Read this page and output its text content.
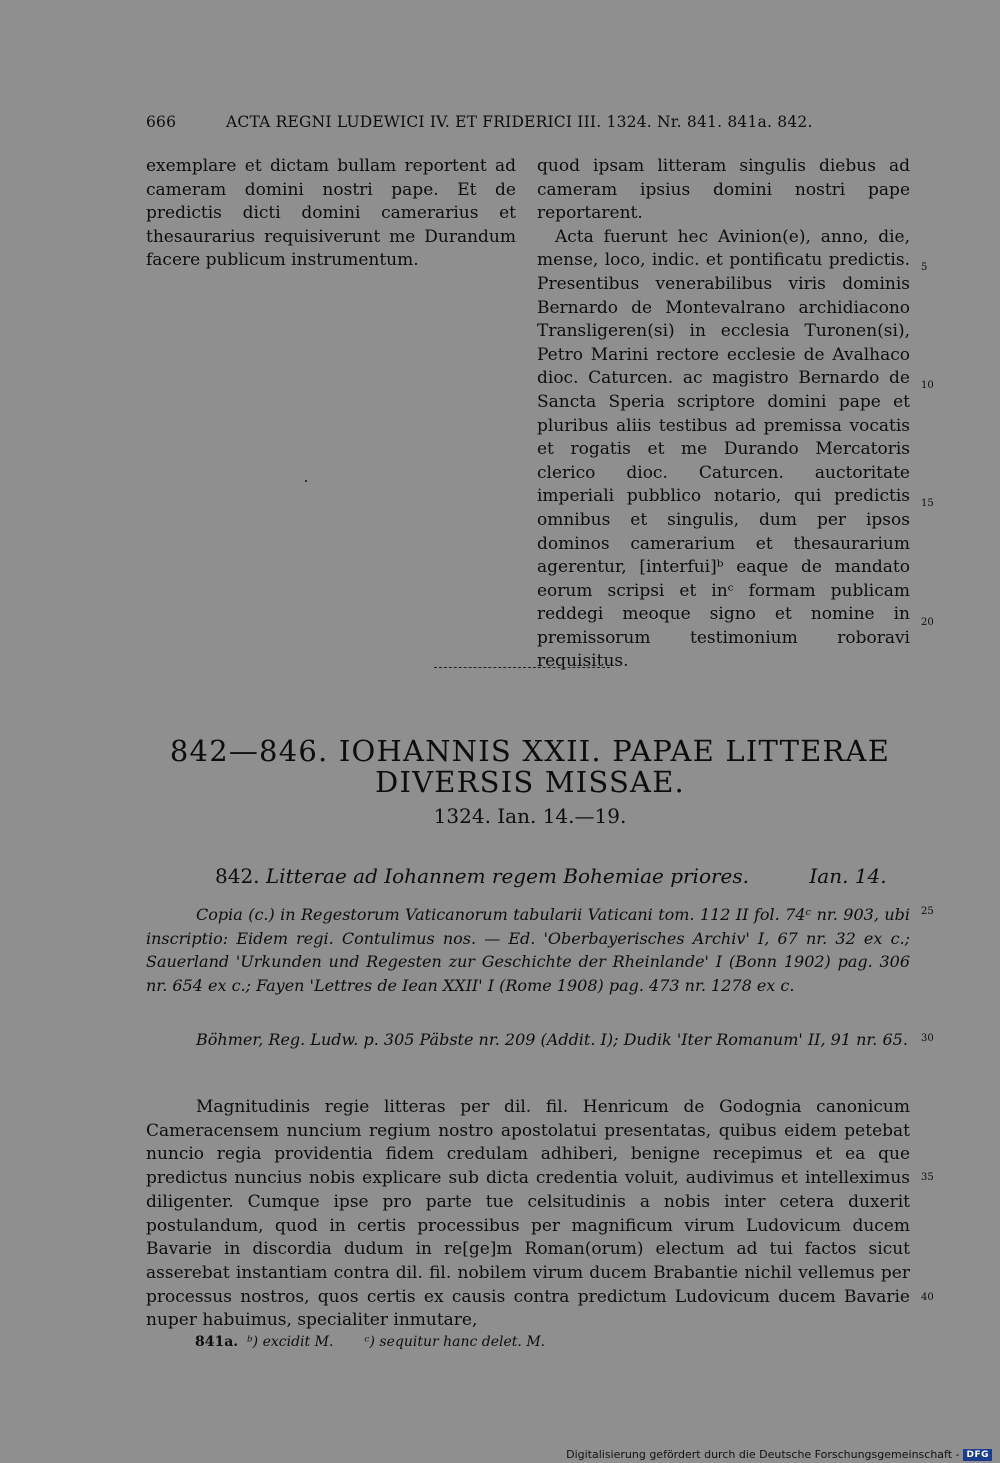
666	ACTA REGNI LUDEWICI IV. ET FRIDERICI III. 1324. Nr. 841. 841a. 842.

exemplare et dictam bullam reportent ad cameram domini nostri pape. Et de predictis dicti domini camerarius et thesaurarius requisiverunt me Durandum facere publicum instrumentum.

quod ipsam litteram singulis diebus ad cameram ipsius domini nostri pape reportarent.

Acta fuerunt hec Avinion(e), anno, die, mense, loco, indic. et pontificatu predictis. Presentibus venerabilibus viris dominis Bernardo de Montevalrano archidiacono Transligeren(si) in ecclesia Turonen(si), Petro Marini rectore ecclesie de Avalhaco dioc. Caturcen. ac magistro Bernardo de Sancta Speria scriptore domini pape et pluribus aliis testibus ad premissa vocatis et rogatis et me Durando Mercatoris clerico dioc. Caturcen. auctoritate imperiali pubblico notario, qui predictis omnibus et singulis, dum per ipsos dominos camerarium et thesaurarium agerentur, [interfui]ᵇ eaque de mandato eorum scripsi et inᶜ formam publicam reddegi meoque signo et nomine in premissorum testimonium roboravi requisitus.

5
10
15
20
25
30
35
40
842—846. IOHANNIS XXII. PAPAE LITTERAE
DIVERSIS MISSAE.
1324. Ian. 14.—19.
842. Litterae ad Iohannem regem Bohemiae priores.	Ian. 14.

Copia (c.) in Regestorum Vaticanorum tabularii Vaticani tom. 112 II fol. 74ᶜ nr. 903, ubi inscriptio: Eidem regi. Contulimus nos. — Ed. 'Oberbayerisches Archiv' I, 67 nr. 32 ex c.; Sauerland 'Urkunden und Regesten zur Geschichte der Rheinlande' I (Bonn 1902) pag. 306 nr. 654 ex c.; Fayen 'Lettres de Iean XXII' I (Rome 1908) pag. 473 nr. 1278 ex c.

Böhmer, Reg. Ludw. p. 305 Päbste nr. 209 (Addit. I); Dudik 'Iter Romanum' II, 91 nr. 65.

Magnitudinis regie litteras per dil. fil. Henricum de Godognia canonicum Cameracensem nuncium regium nostro apostolatui presentatas, quibus eidem petebat nuncio regia providentia fidem credulam adhiberi, benigne recepimus et ea que predictus nuncius nobis explicare sub dicta credentia voluit, audivimus et intelleximus diligenter. Cumque ipse pro parte tue celsitudinis a nobis inter cetera duxerit postulandum, quod in certis processibus per magnificum virum Ludovicum ducem Bavarie in discordia dudum in re[ge]m Roman(orum) electum ad tui factos sicut asserebat instantiam contra dil. fil. nobilem virum ducem Brabantie nichil vellemus per processus nostros, quos certis ex causis contra predictum Ludovicum ducem Bavarie nuper habuimus, specialiter inmutare,

841a. ᵇ) excidit M. ᶜ) sequitur hanc delet. M.
Digitalisierung gefördert durch die Deutsche Forschungsgemeinschaft - DFG
